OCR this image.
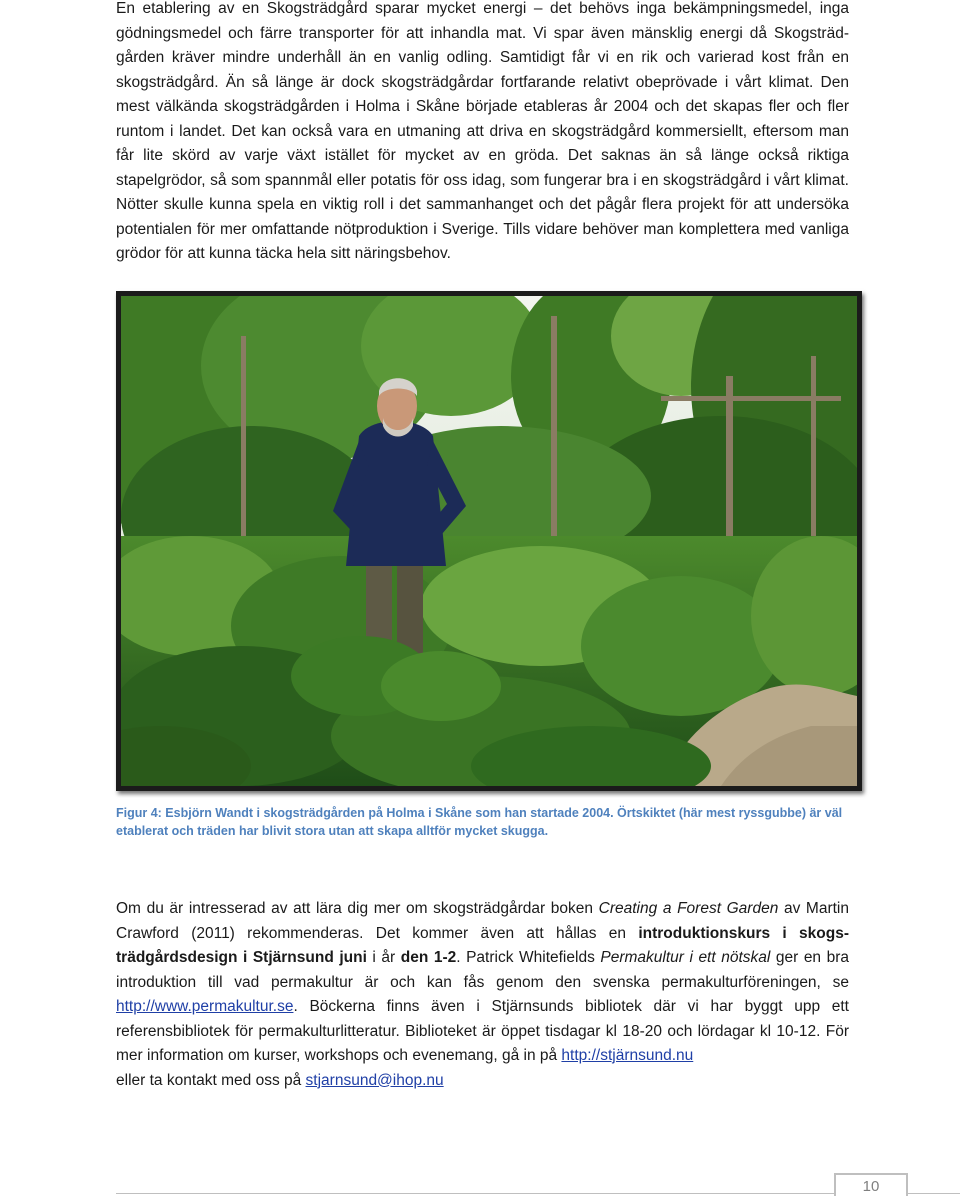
En etablering av en Skogsträdgård sparar mycket energi – det behövs inga bekämpningsmedel, inga gödningsmedel och färre transporter för att inhandla mat. Vi spar även mänsklig energi då Skogsträd-gården kräver mindre underhåll än en vanlig odling. Samtidigt får vi en rik och varierad kost från en skogsträdgård. Än så länge är dock skogsträdgårdar fortfarande relativt obeprövade i vårt klimat. Den mest välkända skogsträdgården i Holma i Skåne började etableras år 2004 och det skapas fler och fler runtom i landet. Det kan också vara en utmaning att driva en skogsträdgård kommersiellt, eftersom man får lite skörd av varje växt istället för mycket av en gröda. Det saknas än så länge också riktiga stapelgrödor, så som spannmål eller potatis för oss idag, som fungerar bra i en skogsträdgård i vårt klimat. Nötter skulle kunna spela en viktig roll i det sammanhanget och det pågår flera projekt för att undersöka potentialen för mer omfattande nötproduktion i Sverige. Tills vidare behöver man komplettera med vanliga grödor för att kunna täcka hela sitt näringsbehov.

Figur 4: Esbjörn Wandt i skogsträdgården på Holma i Skåne som han startade 2004. Örtskiktet (här mest ryssgubbe) är väl etablerat och träden har blivit stora utan att skapa alltför mycket skugga.

Om du är intresserad av att lära dig mer om skogsträdgårdar boken Creating a Forest Garden av Martin Crawford (2011) rekommenderas. Det kommer även att hållas en introduktionskurs i skogs-trädgårdsdesign i Stjärnsund juni i år den 1-2. Patrick Whitefields Permakultur i ett nötskal ger en bra introduktion till vad permakultur är och kan fås genom den svenska permakulturföreningen, se http://www.permakultur.se. Böckerna finns även i Stjärnsunds bibliotek där vi har byggt upp ett referensbibliotek för permakulturlitteratur. Biblioteket är öppet tisdagar kl 18-20 och lördagar kl 10-12. För mer information om kurser, workshops och evenemang, gå in på http://stjärnsund.nu
eller ta kontakt med oss på stjarnsund@ihop.nu

10
